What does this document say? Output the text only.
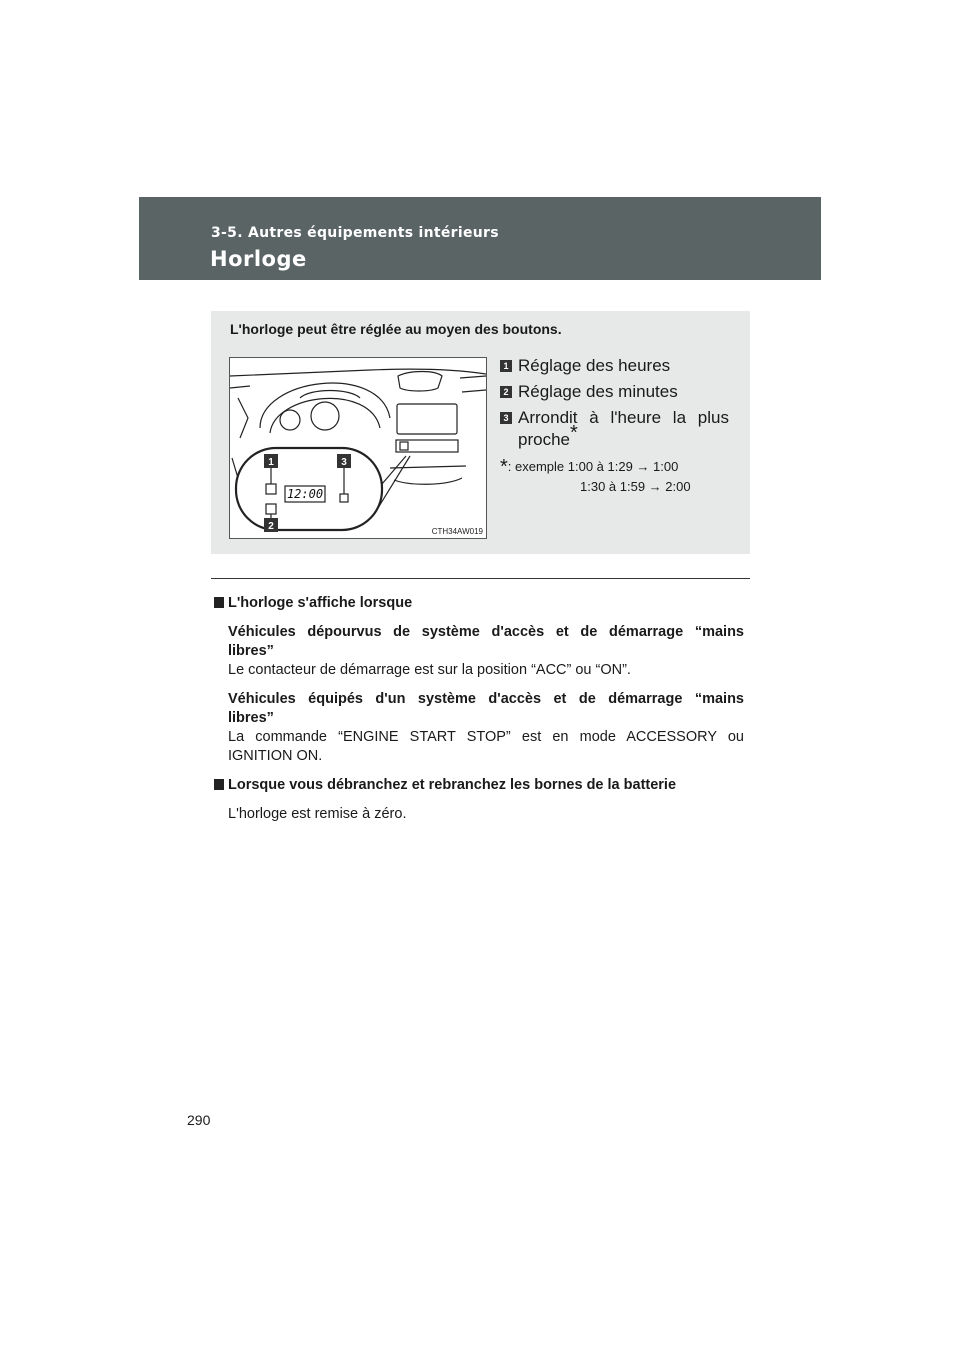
3-5. Autres équipements intérieurs
Horloge
L'horloge peut être réglée au moyen des boutons.
12:00
1	3
2	CTH34AW019
1 Réglage des heures
2 Réglage des minutes
3 Arrondit à l'heure la plus proche*
*: exemple 1:00 à 1:29 → 1:00
1:30 à 1:59 → 2:00
L'horloge s'affiche lorsque
Véhicules dépourvus de système d'accès et de démarrage “mains libres”
Le contacteur de démarrage est sur la position “ACC” ou “ON”.
Véhicules équipés d'un système d'accès et de démarrage “mains libres”
La commande “ENGINE START STOP” est en mode ACCESSORY ou IGNITION ON.
Lorsque vous débranchez et rebranchez les bornes de la batterie
L'horloge est remise à zéro.
290
